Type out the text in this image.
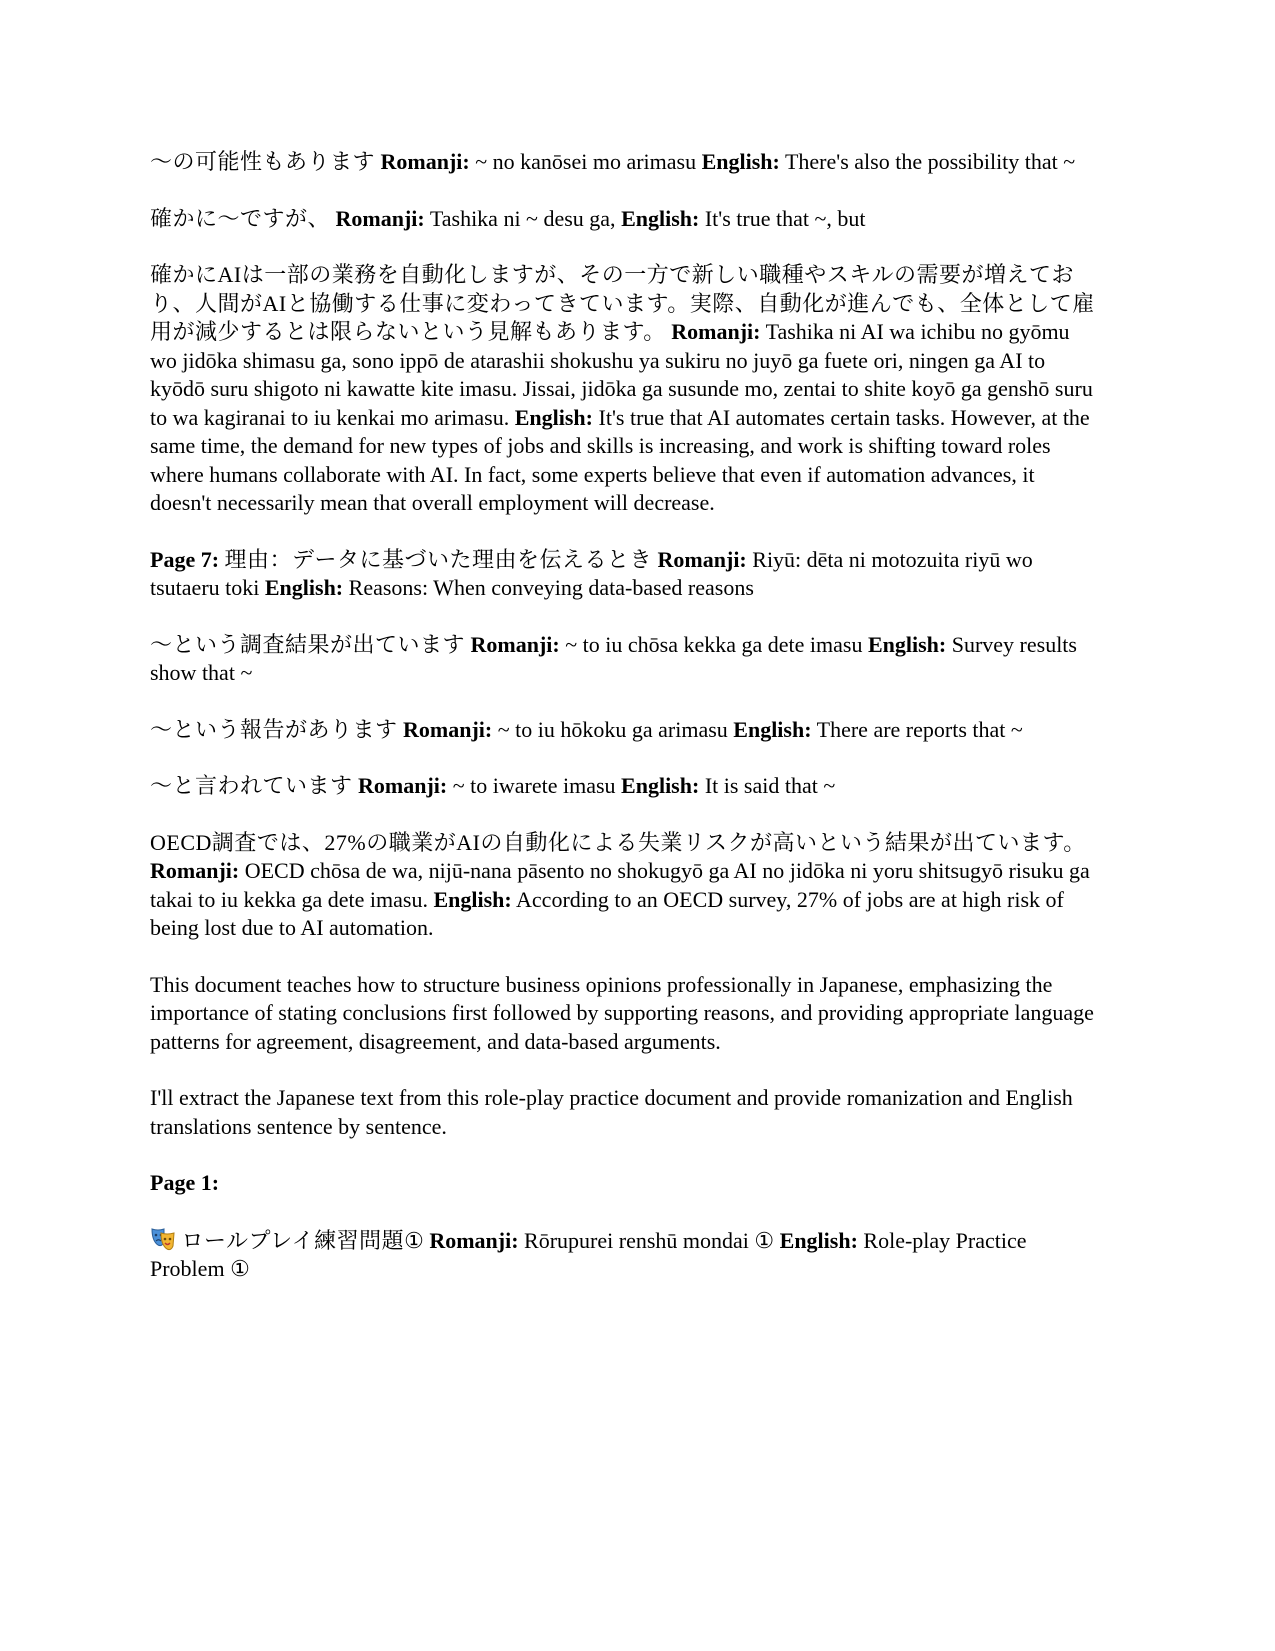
〜の可能性もあります Romanji: ~ no kanōsei mo arimasu English: There's also the possibility that ~

確かに〜ですが、 Romanji: Tashika ni ~ desu ga, English: It's true that ~, but

確かにAIは一部の業務を自動化しますが、その一方で新しい職種やスキルの需要が増えており、人間がAIと協働する仕事に変わってきています。実際、自動化が進んでも、全体として雇用が減少するとは限らないという見解もあります。 Romanji: Tashika ni AI wa ichibu no gyōmu wo jidōka shimasu ga, sono ippō de atarashii shokushu ya sukiru no juyō ga fuete ori, ningen ga AI to kyōdō suru shigoto ni kawatte kite imasu. Jissai, jidōka ga susunde mo, zentai to shite koyō ga genshō suru to wa kagiranai to iu kenkai mo arimasu. English: It's true that AI automates certain tasks. However, at the same time, the demand for new types of jobs and skills is increasing, and work is shifting toward roles where humans collaborate with AI. In fact, some experts believe that even if automation advances, it doesn't necessarily mean that overall employment will decrease.

Page 7: 理由：データに基づいた理由を伝えるとき Romanji: Riyū: dēta ni motozuita riyū wo tsutaeru toki English: Reasons: When conveying data-based reasons

〜という調査結果が出ています Romanji: ~ to iu chōsa kekka ga dete imasu English: Survey results show that ~

〜という報告があります Romanji: ~ to iu hōkoku ga arimasu English: There are reports that ~

〜と言われています Romanji: ~ to iwarete imasu English: It is said that ~

OECD調査では、27%の職業がAIの自動化による失業リスクが高いという結果が出ています。 Romanji: OECD chōsa de wa, nijū-nana pāsento no shokugyō ga AI no jidōka ni yoru shitsugyō risuku ga takai to iu kekka ga dete imasu. English: According to an OECD survey, 27% of jobs are at high risk of being lost due to AI automation.

This document teaches how to structure business opinions professionally in Japanese, emphasizing the importance of stating conclusions first followed by supporting reasons, and providing appropriate language patterns for agreement, disagreement, and data-based arguments.

I'll extract the Japanese text from this role-play practice document and provide romanization and English translations sentence by sentence.

Page 1:

ロールプレイ練習問題① Romanji: Rōrupurei renshū mondai ① English: Role-play Practice Problem ①
